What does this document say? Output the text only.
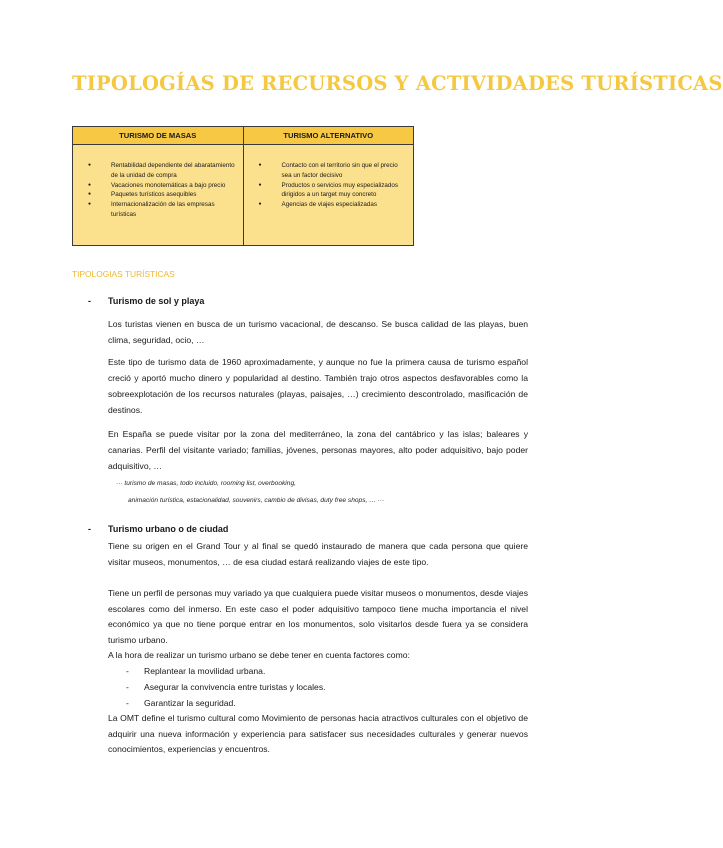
TIPOLOGÍAS DE RECURSOS Y ACTIVIDADES TURÍSTICAS
TURISMO DE MASAS	TURISMO ALTERNATIVO
● Rentabilidad dependiente del abaratamiento de la unidad de compra
● Vacaciones monotemáticas a bajo precio
● Paquetes turísticos asequibles
● Internacionalización de las empresas turísticas
● Contacto con el territorio sin que el precio sea un factor decisivo
● Productos o servicios muy especializados dirigidos a un target muy concreto
● Agencias de viajes especializadas
TIPOLOGIAS TURÍSTICAS
- Turismo de sol y playa

Los turistas vienen en busca de un turismo vacacional, de descanso. Se busca calidad de las playas, buen clima, seguridad, ocio, …

Este tipo de turismo data de 1960 aproximadamente, y aunque no fue la primera causa de turismo español creció y aportó mucho dinero y popularidad al destino. También trajo otros aspectos desfavorables como la sobreexplotación de los recursos naturales (playas, paisajes, …) crecimiento descontrolado, masificación de destinos.

En España se puede visitar por la zona del mediterráneo, la zona del cantábrico y las islas; baleares y canarias. Perfil del visitante variado; familias, jóvenes, personas mayores, alto poder adquisitivo, bajo poder adquisitivo, …

··· turismo de masas, todo incluido, rooming list, overbooking,
animación turística, estacionalidad, souvenirs, cambio de divisas, duty free shops, … ···
- Turismo urbano o de ciudad

Tiene su origen en el Grand Tour y al final se quedó instaurado de manera que cada persona que quiere visitar museos, monumentos, … de esa ciudad estará realizando viajes de este tipo.

Tiene un perfil de personas muy variado ya que cualquiera puede visitar museos o monumentos, desde viajes escolares como del inmerso. En este caso el poder adquisitivo tampoco tiene mucha importancia el nivel económico ya que no tiene porque entrar en los monumentos, solo visitarlos desde fuera ya se considera turismo urbano.

A la hora de realizar un turismo urbano se debe tener en cuenta factores como:

- Replantear la movilidad urbana.
- Asegurar la convivencia entre turistas y locales.
- Garantizar la seguridad.

La OMT define el turismo cultural como Movimiento de personas hacia atractivos culturales con el objetivo de adquirir una nueva información y experiencia para satisfacer sus necesidades culturales y generar nuevos conocimientos, experiencias y encuentros.
